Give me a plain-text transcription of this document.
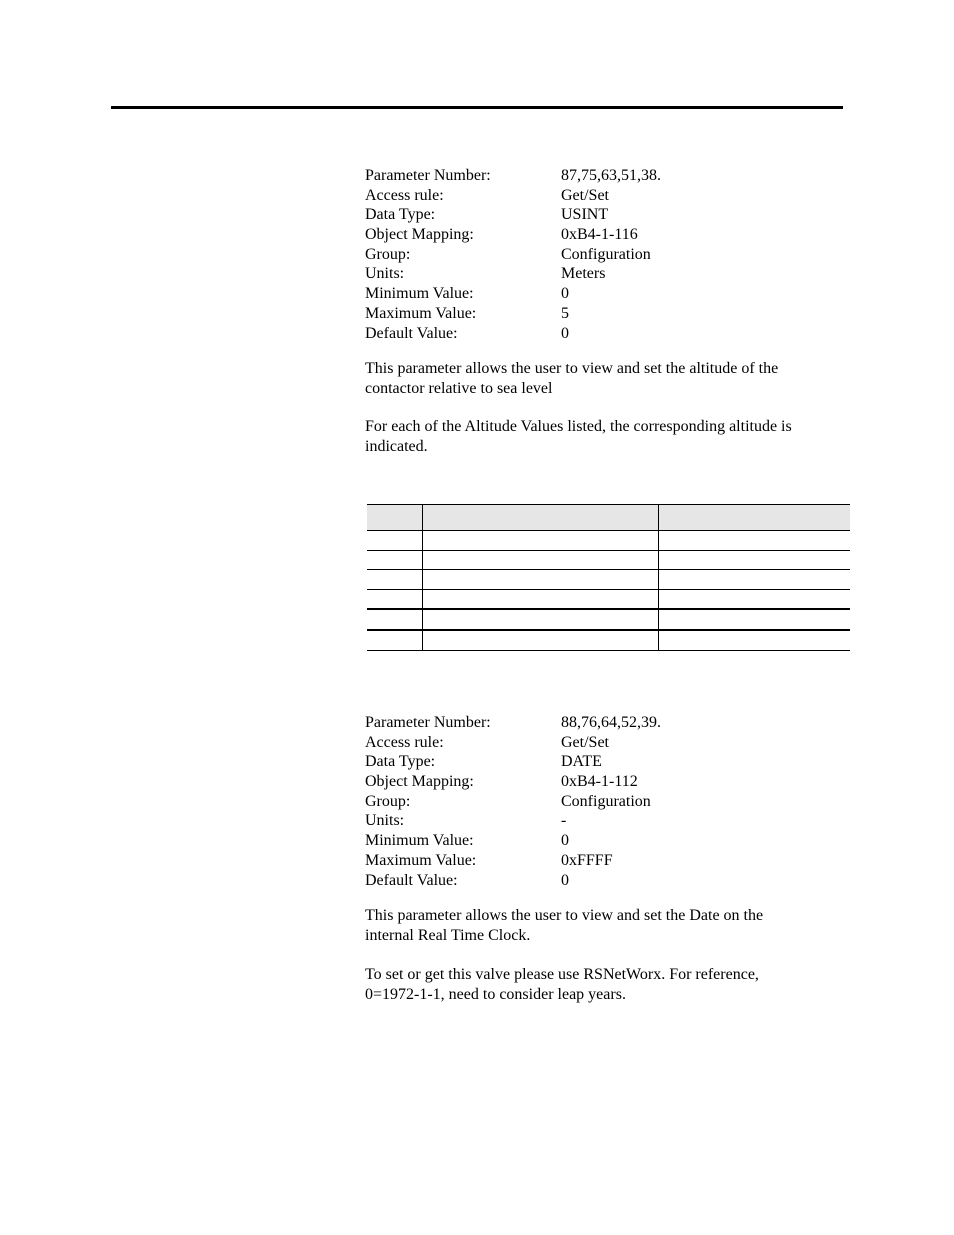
Parameter Number:	87,75,63,51,38.
Access rule:	Get/Set
Data Type:	USINT
Object Mapping:	0xB4-1-116
Group:	Configuration
Units:	Meters
Minimum Value:	0
Maximum Value:	5
Default Value:	0

This parameter allows the user to view and set the altitude of the contactor relative to sea level

For each of the Altitude Values listed, the corresponding altitude is indicated.

Parameter Number:	88,76,64,52,39.
Access rule:	Get/Set
Data Type:	DATE
Object Mapping:	0xB4-1-112
Group:	Configuration
Units:	-
Minimum Value:	0
Maximum Value:	0xFFFF
Default Value:	0

This parameter allows the user to view and set the Date on the internal Real Time Clock.

To set or get this valve please use RSNetWorx. For reference, 0=1972-1-1, need to consider leap years.
